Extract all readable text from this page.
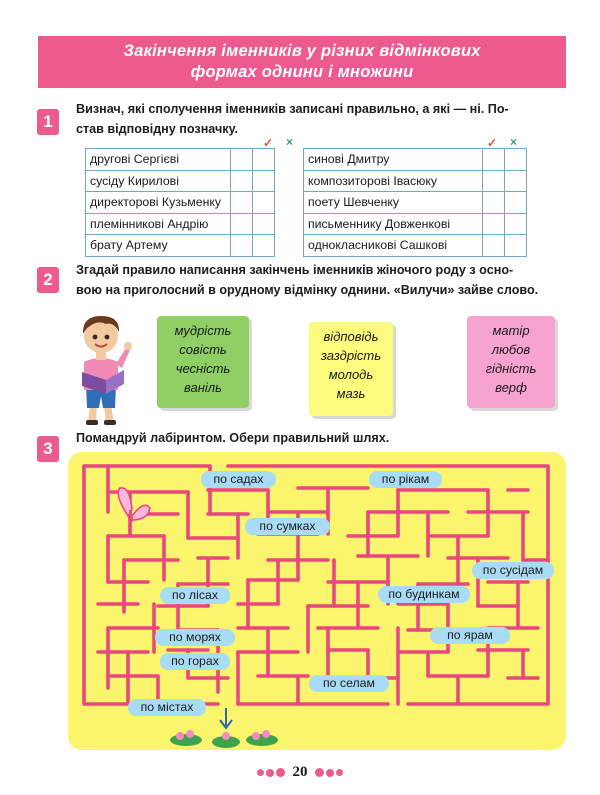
Закінчення іменників у різних відмінкових
формах однини і множини
1
Визнач, які сполучення іменників записані правильно, а які — ні. По-
став відповідну позначку.
✓ ×	✓ ×
другові Сергієві		
сусіду Кирилові		
директорові Кузьменку		
племінникові Андрію		
брату Артему		
синові Дмитру		
композиторові Івасюку		
поету Шевченку		
письменнику Довженкові		
однокласникові Сашкові		
2	Згадай правило написання закінчень іменників жіночого роду з осно-
вою на приголосний в орудному відмінку однини. «Вилучи» зайве слово.
мудрість
совість
чесність
ваніль
відповідь
заздрість
молодь
мазь
матір
любов
гідність
верф
3
Помандруй лабіринтом. Обери правильний шлях.
по садах	по рікам
по сумках
по сусідам
по лісах	по будинкам
по морях	по ярам
по горах
по селам
по містах
20
